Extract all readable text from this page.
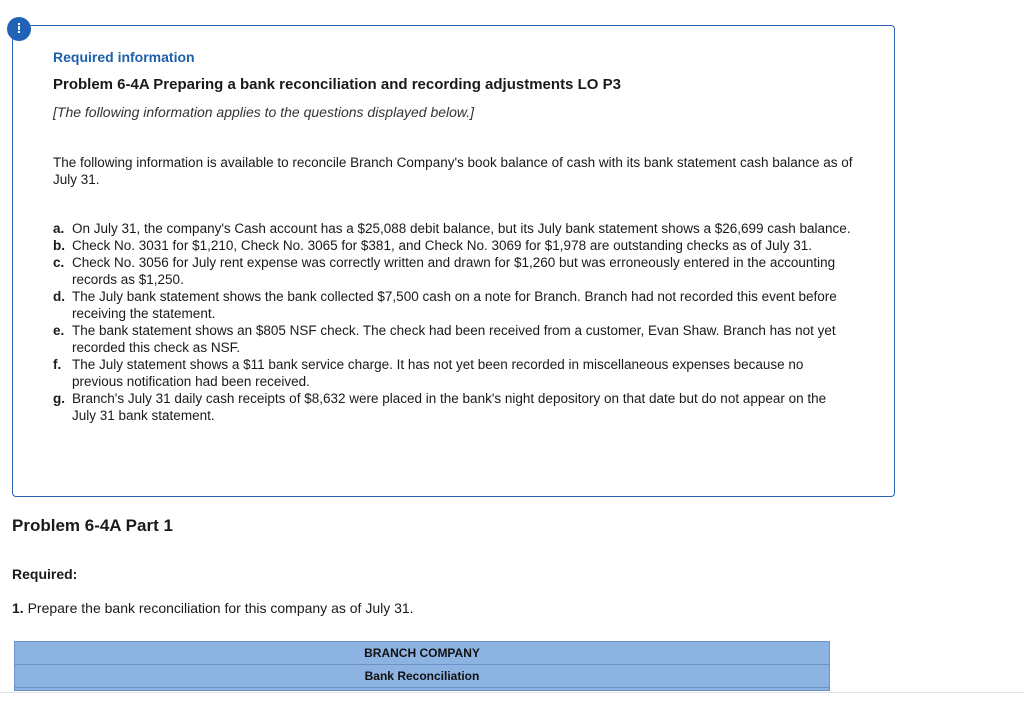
!
Required information
Problem 6-4A Preparing a bank reconciliation and recording adjustments LO P3
[The following information applies to the questions displayed below.]
The following information is available to reconcile Branch Company's book balance of cash with its bank statement cash balance as of July 31.
a. On July 31, the company's Cash account has a $25,088 debit balance, but its July bank statement shows a $26,699 cash balance.
b. Check No. 3031 for $1,210, Check No. 3065 for $381, and Check No. 3069 for $1,978 are outstanding checks as of July 31.
c. Check No. 3056 for July rent expense was correctly written and drawn for $1,260 but was erroneously entered in the accounting records as $1,250.
d. The July bank statement shows the bank collected $7,500 cash on a note for Branch. Branch had not recorded this event before receiving the statement.
e. The bank statement shows an $805 NSF check. The check had been received from a customer, Evan Shaw. Branch has not yet recorded this check as NSF.
f. The July statement shows a $11 bank service charge. It has not yet been recorded in miscellaneous expenses because no previous notification had been received.
g. Branch's July 31 daily cash receipts of $8,632 were placed in the bank's night depository on that date but do not appear on the July 31 bank statement.
Problem 6-4A Part 1
Required:
1. Prepare the bank reconciliation for this company as of July 31.
BRANCH COMPANY
Bank Reconciliation
